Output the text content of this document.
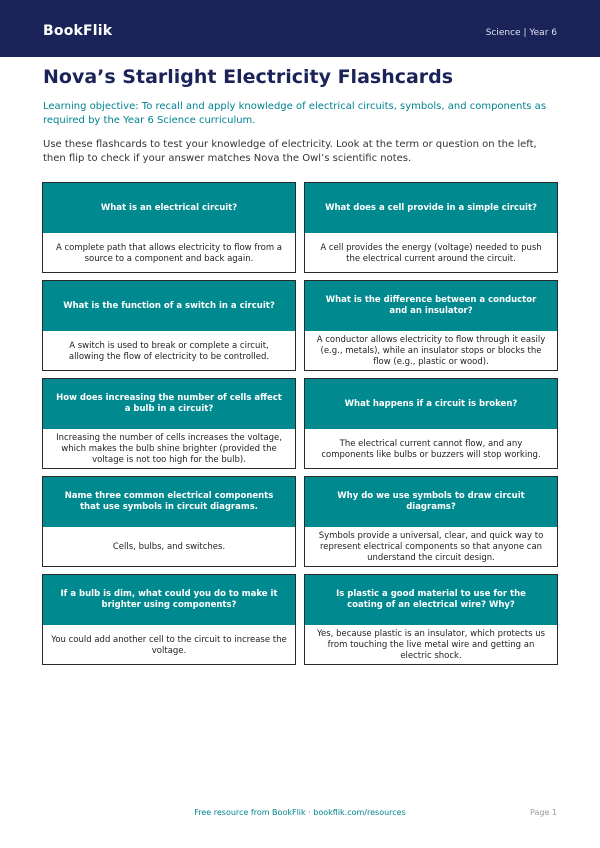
BookFlik	Science | Year 6
Nova’s Starlight Electricity Flashcards

Learning objective: To recall and apply knowledge of electrical circuits, symbols, and components as required by the Year 6 Science curriculum.

Use these flashcards to test your knowledge of electricity. Look at the term or question on the left, then flip to check if your answer matches Nova the Owl’s scientific notes.

What is an electrical circuit?
A complete path that allows electricity to flow from a source to a component and back again.
What does a cell provide in a simple circuit?
A cell provides the energy (voltage) needed to push the electrical current around the circuit.
What is the function of a switch in a circuit?
A switch is used to break or complete a circuit, allowing the flow of electricity to be controlled.
What is the difference between a conductor and an insulator?
A conductor allows electricity to flow through it easily (e.g., metals), while an insulator stops or blocks the flow (e.g., plastic or wood).
How does increasing the number of cells affect a bulb in a circuit?
Increasing the number of cells increases the voltage, which makes the bulb shine brighter (provided the voltage is not too high for the bulb).
What happens if a circuit is broken?
The electrical current cannot flow, and any components like bulbs or buzzers will stop working.
Name three common electrical components that use symbols in circuit diagrams.
Cells, bulbs, and switches.
Why do we use symbols to draw circuit diagrams?
Symbols provide a universal, clear, and quick way to represent electrical components so that anyone can understand the circuit design.
If a bulb is dim, what could you do to make it brighter using components?
You could add another cell to the circuit to increase the voltage.
Is plastic a good material to use for the coating of an electrical wire? Why?
Yes, because plastic is an insulator, which protects us from touching the live metal wire and getting an electric shock.
Free resource from BookFlik · bookflik.com/resources	Page 1
